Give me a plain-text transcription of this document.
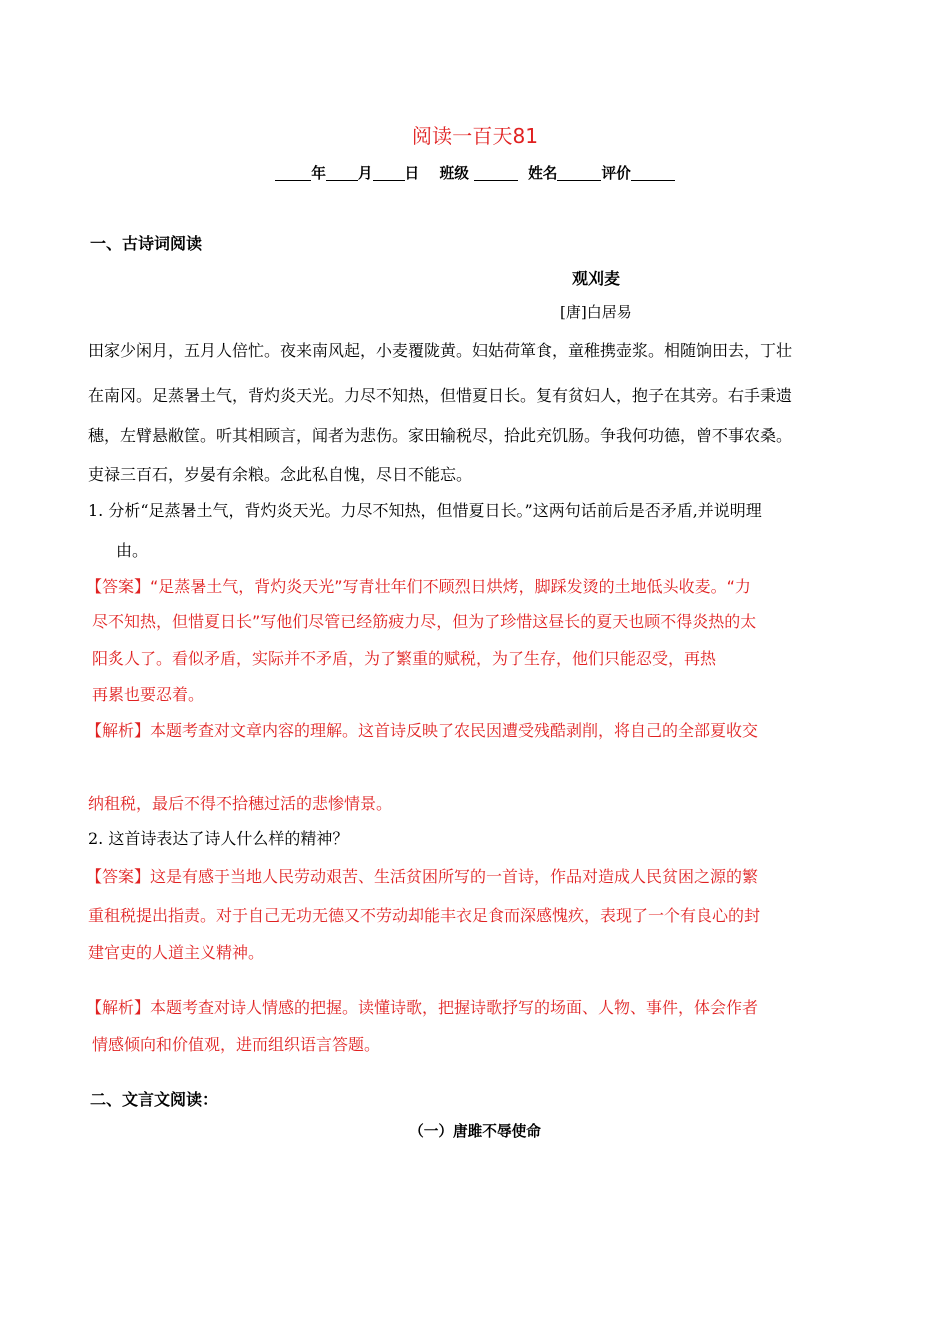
阅读一百天81
年 月 日 班级	姓名	评价
一、古诗词阅读
观刈麦
[唐]白居易
田家少闲月，五月人倍忙。夜来南风起，小麦覆陇黄。妇姑荷箪食，童稚携壶浆。相随饷田去，丁壮
在南冈。足蒸暑土气，背灼炎天光。力尽不知热，但惜夏日长。复有贫妇人，抱子在其旁。右手秉遗
穗，左臂悬敝筐。听其相顾言，闻者为悲伤。家田输税尽，拾此充饥肠。争我何功德，曾不事农桑。
吏禄三百石，岁晏有余粮。念此私自愧，尽日不能忘。
1. 分析“足蒸暑土气，背灼炎天光。力尽不知热，但惜夏日长。”这两句话前后是否矛盾,并说明理
由。
【答案】“足蒸暑土气，背灼炎天光”写青壮年们不顾烈日烘烤，脚踩发烫的土地低头收麦。“力
尽不知热，但惜夏日长”写他们尽管已经筋疲力尽，但为了珍惜这昼长的夏天也顾不得炎热的太
阳炙人了。看似矛盾，实际并不矛盾，为了繁重的赋税，为了生存，他们只能忍受，再热
再累也要忍着。
【解析】本题考查对文章内容的理解。这首诗反映了农民因遭受残酷剥削，将自己的全部夏收交
纳租税，最后不得不拾穗过活的悲惨情景。
2. 这首诗表达了诗人什么样的精神？
【答案】这是有感于当地人民劳动艰苦、生活贫困所写的一首诗，作品对造成人民贫困之源的繁
重租税提出指责。对于自己无功无德又不劳动却能丰衣足食而深感愧疚，表现了一个有良心的封
建官吏的人道主义精神。
【解析】本题考查对诗人情感的把握。读懂诗歌，把握诗歌抒写的场面、人物、事件，体会作者
情感倾向和价值观，进而组织语言答题。
二、文言文阅读：
（一）唐雎不辱使命
